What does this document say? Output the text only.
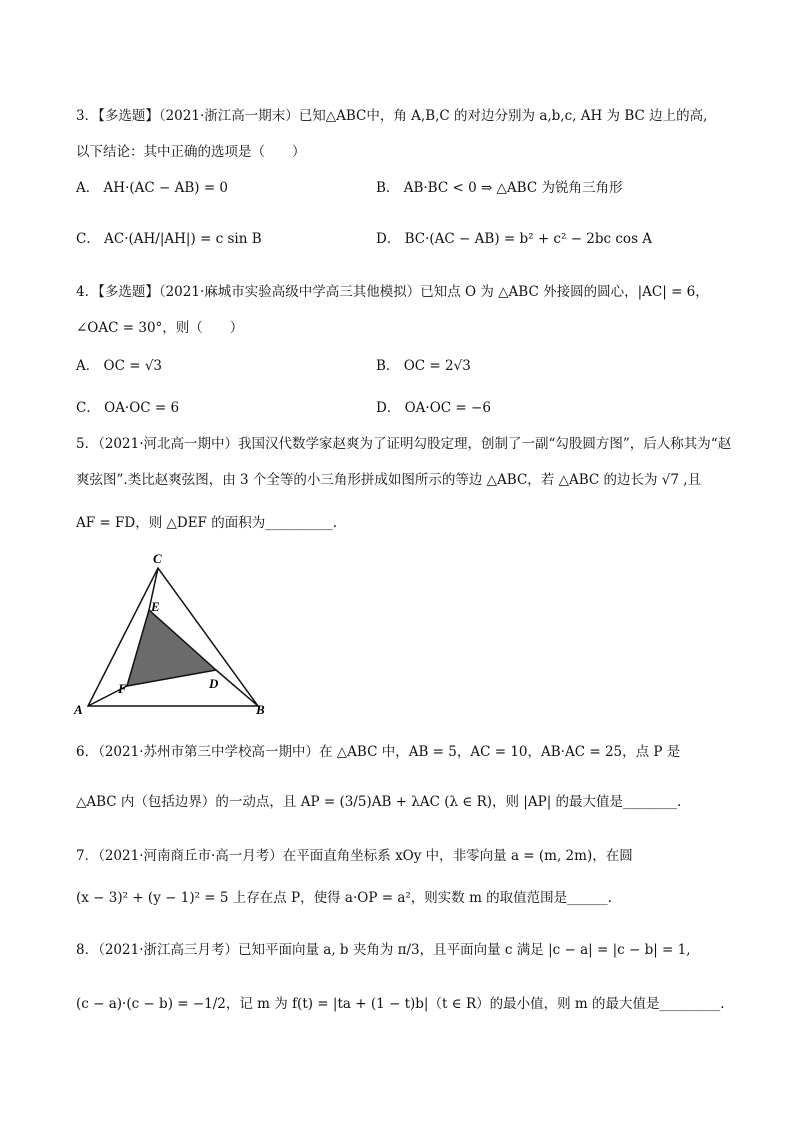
3．【多选题】（2021·浙江高一期末）已知△ABC中，角 A,B,C 的对边分别为 a,b,c, AH 为 BC 边上的高,
以下结论：其中正确的选项是（　　）
A． AH·(AC − AB) = 0	B． AB·BC < 0 ⇒ △ABC 为锐角三角形
C． AC·(AH/|AH|) = c sin B	D． BC·(AC − AB) = b² + c² − 2bc cos A
4．【多选题】（2021·麻城市实验高级中学高三其他模拟）已知点 O 为 △ABC 外接圆的圆心，|AC| = 6，
∠OAC = 30°，则（　　）
A． OC = √3	B． OC = 2√3
C． OA·OC = 6	D． OA·OC = −6
5．（2021·河北高一期中）我国汉代数学家赵爽为了证明勾股定理，创制了一副“勾股圆方图”，后人称其为“赵
爽弦图”.类比赵爽弦图，由 3 个全等的小三角形拼成如图所示的等边 △ABC，若 △ABC 的边长为 √7 ,且
AF = FD，则 △DEF 的面积为__________.
A	B
C
D
E
F
6．（2021·苏州市第三中学校高一期中）在 △ABC 中，AB = 5，AC = 10，AB·AC = 25，点 P 是
△ABC 内（包括边界）的一动点，且 AP = (3/5)AB + λAC (λ ∈ R)，则 |AP| 的最大值是________.
7．（2021·河南商丘市·高一月考）在平面直角坐标系 xOy 中，非零向量 a = (m, 2m)，在圆
(x − 3)² + (y − 1)² = 5 上存在点 P，使得 a·OP = a²，则实数 m 的取值范围是______.
8．（2021·浙江高三月考）已知平面向量 a, b 夹角为 π/3，且平面向量 c 满足 |c − a| = |c − b| = 1,
(c − a)·(c − b) = −1/2，记 m 为 f(t) = |ta + (1 − t)b|（t ∈ R）的最小值，则 m 的最大值是_________.
